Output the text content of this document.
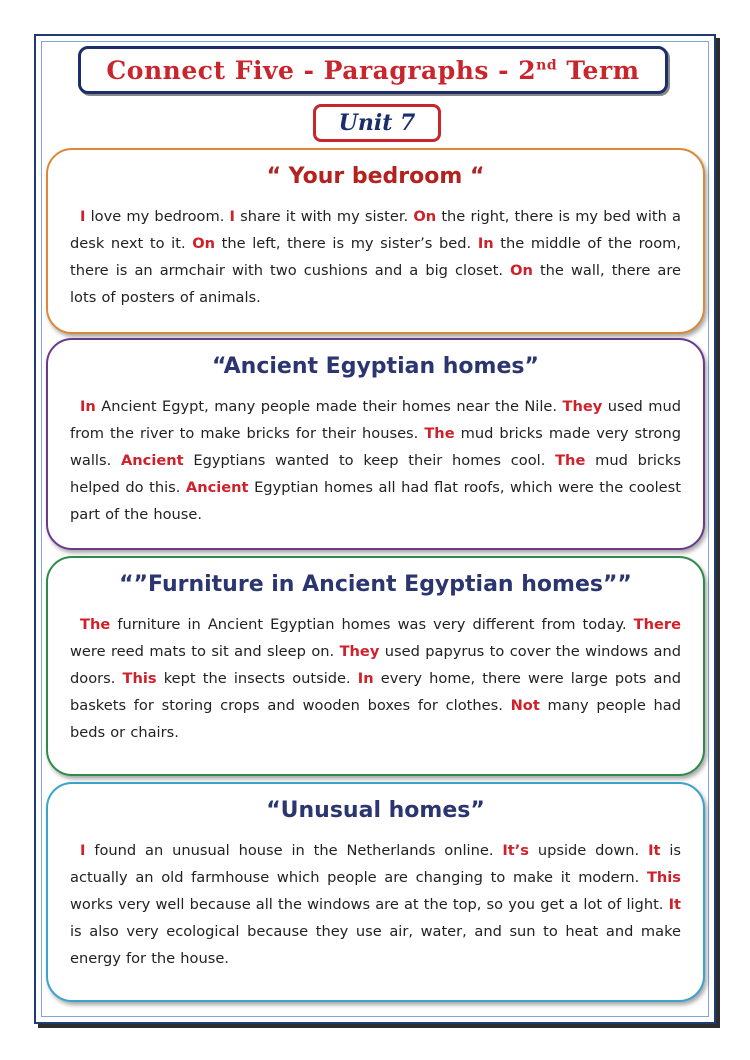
Connect Five - Paragraphs - 2nd Term
Unit 7
“ Your bedroom “

I love my bedroom. I share it with my sister. On the right, there is my bed with a desk next to it. On the left, there is my sister’s bed. In the middle of the room, there is an armchair with two cushions and a big closet. On the wall, there are lots of posters of animals.

“Ancient Egyptian homes”

In Ancient Egypt, many people made their homes near the Nile. They used mud from the river to make bricks for their houses. The mud bricks made very strong walls. Ancient Egyptians wanted to keep their homes cool. The mud bricks helped do this. Ancient Egyptian homes all had flat roofs, which were the coolest part of the house.

“”Furniture in Ancient Egyptian homes””

The furniture in Ancient Egyptian homes was very different from today. There were reed mats to sit and sleep on. They used papyrus to cover the windows and doors. This kept the insects outside. In every home, there were large pots and baskets for storing crops and wooden boxes for clothes. Not many people had beds or chairs.

“Unusual homes”

I found an unusual house in the Netherlands online. It’s upside down. It is actually an old farmhouse which people are changing to make it modern. This works very well because all the windows are at the top, so you get a lot of light. It is also very ecological because they use air, water, and sun to heat and make energy for the house.
